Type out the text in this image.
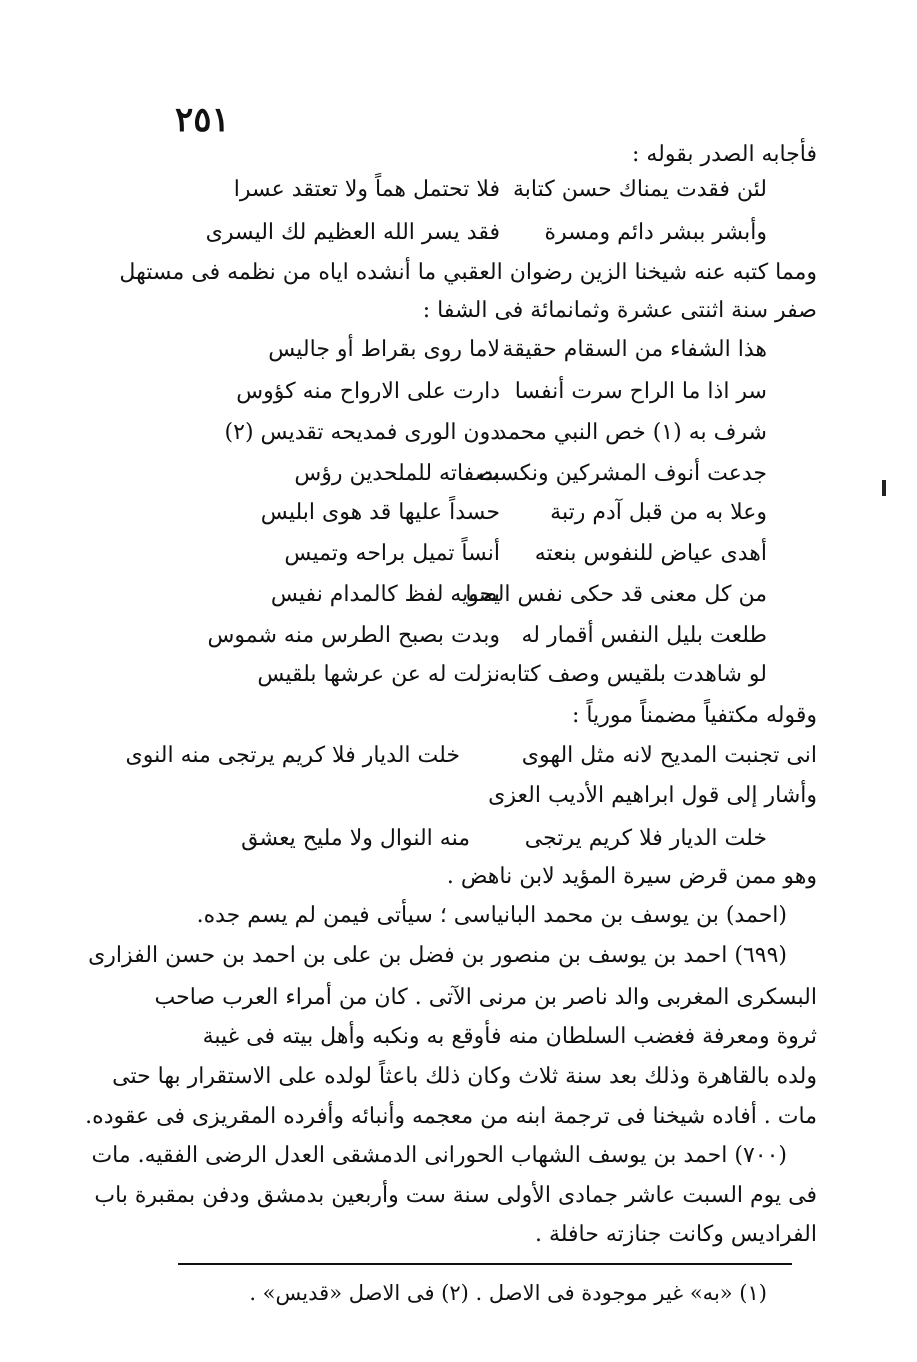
٢٥١
فأجابه الصدر بقوله :
لئن فقدت يمناك حسن كتابة
فلا تحتمل هماً ولا تعتقد عسرا
وأبشر ببشر دائم ومسرة
فقد يسر الله العظيم لك اليسرى
ومما كتبه عنه شيخنا الزين رضوان العقبي ما أنشده اياه من نظمه فى مستهل
صفر سنة اثنتى عشرة وثمانمائة فى الشفا :
هذا الشفاء من السقام حقيقة
لاما روى بقراط أو جاليس
سر اذا ما الراح سرت أنفسا
دارت على الارواح منه كؤوس
شرف به (١) خص النبي محمد
دون الورى فمديحه تقديس (٢)
جدعت أنوف المشركين ونكست
بصفاته للملحدين رؤس
وعلا به من قبل آدم رتبة
حسداً عليها قد هوى ابليس
أهدى عياض للنفوس بنعته
أنساً تميل براحه وتميس
من كل معنى قد حكى نفس الصبا
يحويه لفظ كالمدام نفيس
طلعت بليل النفس أقمار له
وبدت بصبح الطرس منه شموس
لو شاهدت بلقيس وصف كتابه
نزلت له عن عرشها بلقيس
وقوله مكتفياً مضمناً مورياً :
انى تجنبت المديح لانه مثل الهوى
خلت الديار فلا كريم يرتجى منه النوى
وأشار إلى قول ابراهيم الأديب العزى
خلت الديار فلا كريم يرتجى
منه النوال ولا مليح يعشق
وهو ممن قرض سيرة المؤيد لابن ناهض .
(احمد) بن يوسف بن محمد البانياسى ؛ سيأتى فيمن لم يسم جده.
(٦٩٩) احمد بن يوسف بن منصور بن فضل بن على بن احمد بن حسن الفزارى
البسكرى المغربى والد ناصر بن مرنى الآتى . كان من أمراء العرب صاحب
ثروة ومعرفة فغضب السلطان منه فأوقع به ونكبه وأهل بيته فى غيبة
ولده بالقاهرة وذلك بعد سنة ثلاث وكان ذلك باعثاً لولده على الاستقرار بها حتى
مات . أفاده شيخنا فى ترجمة ابنه من معجمه وأنبائه وأفرده المقريزى فى عقوده.
(٧٠٠) احمد بن يوسف الشهاب الحورانى الدمشقى العدل الرضى الفقيه. مات
فى يوم السبت عاشر جمادى الأولى سنة ست وأربعين بدمشق ودفن بمقبرة باب
الفراديس وكانت جنازته حافلة .
(١) «به» غير موجودة فى الاصل . (٢) فى الاصل «قديس» .
